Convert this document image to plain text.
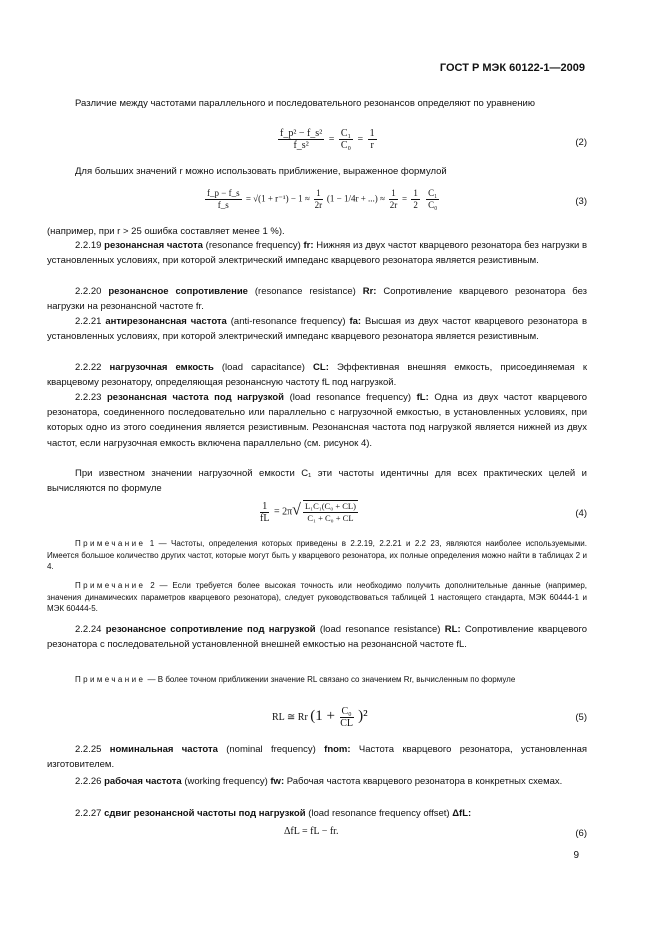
ГОСТ Р МЭК 60122-1—2009
Различие между частотами параллельного и последовательного резонансов определяют по уравнению
$\frac{\text{f\_p² − f\_s²}}{\text{f\_s²}} = \frac{\text{C₁}}{\text{C₀}} = \frac{1}{r}$	(2)
Для больших значений r можно использовать приближение, выраженное формулой
$\frac{f\_p - f\_s}{f\_s} = √(1 + r^{-1}) - 1 \approx \frac{1}{2r} (1 - 1/4r$ + ...) ≈ $\frac{1}{2r} = \frac{1}{2}$
$\frac{\text{C₁}}{\text{C₀}}$	(3)
(например, при r > 25 ошибка составляет менее 1 %).
2.2.19 резонансная частота (resonance frequency) fr: Нижняя из двух частот кварцевого резонатора без нагрузки в установленных условиях, при которой электрический импеданс кварцевого резонатора является резистивным.
2.2.20 резонансное сопротивление (resonance resistance) Rr: Сопротивление кварцевого резонатора без нагрузки на резонансной частоте fr.
2.2.21 антирезонансная частота (anti-resonance frequency) fa: Высшая из двух частот кварцевого резонатора в установленных условиях, при которой электрический импеданс кварцевого резонатора является резистивным.
2.2.22 нагрузочная емкость (load capacitance) CL: Эффективная внешняя емкость, присоединяемая к кварцевому резонатору, определяющая резонансную частоту fL под нагрузкой.
2.2.23 резонансная частота под нагрузкой (load resonance frequency) fL: Одна из двух частот кварцевого резонатора, соединенного последовательно или параллельно с нагрузочной емкостью, в установленных условиях, при которых одно из этого соединения является резистивным. Резонансная частота под нагрузкой является нижней из двух частот, если нагрузочная емкость включена параллельно (см. рисунок 4).
При известном значении нагрузочной емкости C₁ эти частоты идентичны для всех практических целей и вычисляются по формуле
$\frac{1}{fL} = 2\pi√ \frac{\text{L₁C₁(C₀ + CL)}}{\text{C₁ + C₀ + CL}}$	(4)
Примечание 1 — Частоты, определения которых приведены в 2.2.19, 2.2.21 и 2.2 23, являются наиболее используемыми. Имеется большое количество других частот, которые могут быть у кварцевого резонатора, их полные определения можно найти в таблицах 2 и 4.
Примечание 2 — Если требуется более высокая точность или необходимо получить дополнительные данные (например, значения динамических параметров кварцевого резонатора), следует руководствоваться таблицей 1 настоящего стандарта, МЭК 60444-1 и МЭК 60444-5.
2.2.24 резонансное сопротивление под нагрузкой (load resonance resistance) RL: Сопротивление кварцевого резонатора с последовательной установленной внешней емкостью на резонансной частоте fL.
Примечание — В более точном приближении значение RL связано со значением Rr, вычисленным по формуле
RL ≅ Rr $(1 + \frac{\text{C₀}}{CL} )^2$	(5)
2.2.25 номинальная частота (nominal frequency) fnom: Частота кварцевого резонатора, установленная изготовителем.
2.2.26 рабочая частота (working frequency) fw: Рабочая частота кварцевого резонатора в конкретных схемах.
2.2.27 сдвиг резонансной частоты под нагрузкой (load resonance frequency offset) ΔfL:
ΔfL = fL − fr.	(6)
9
